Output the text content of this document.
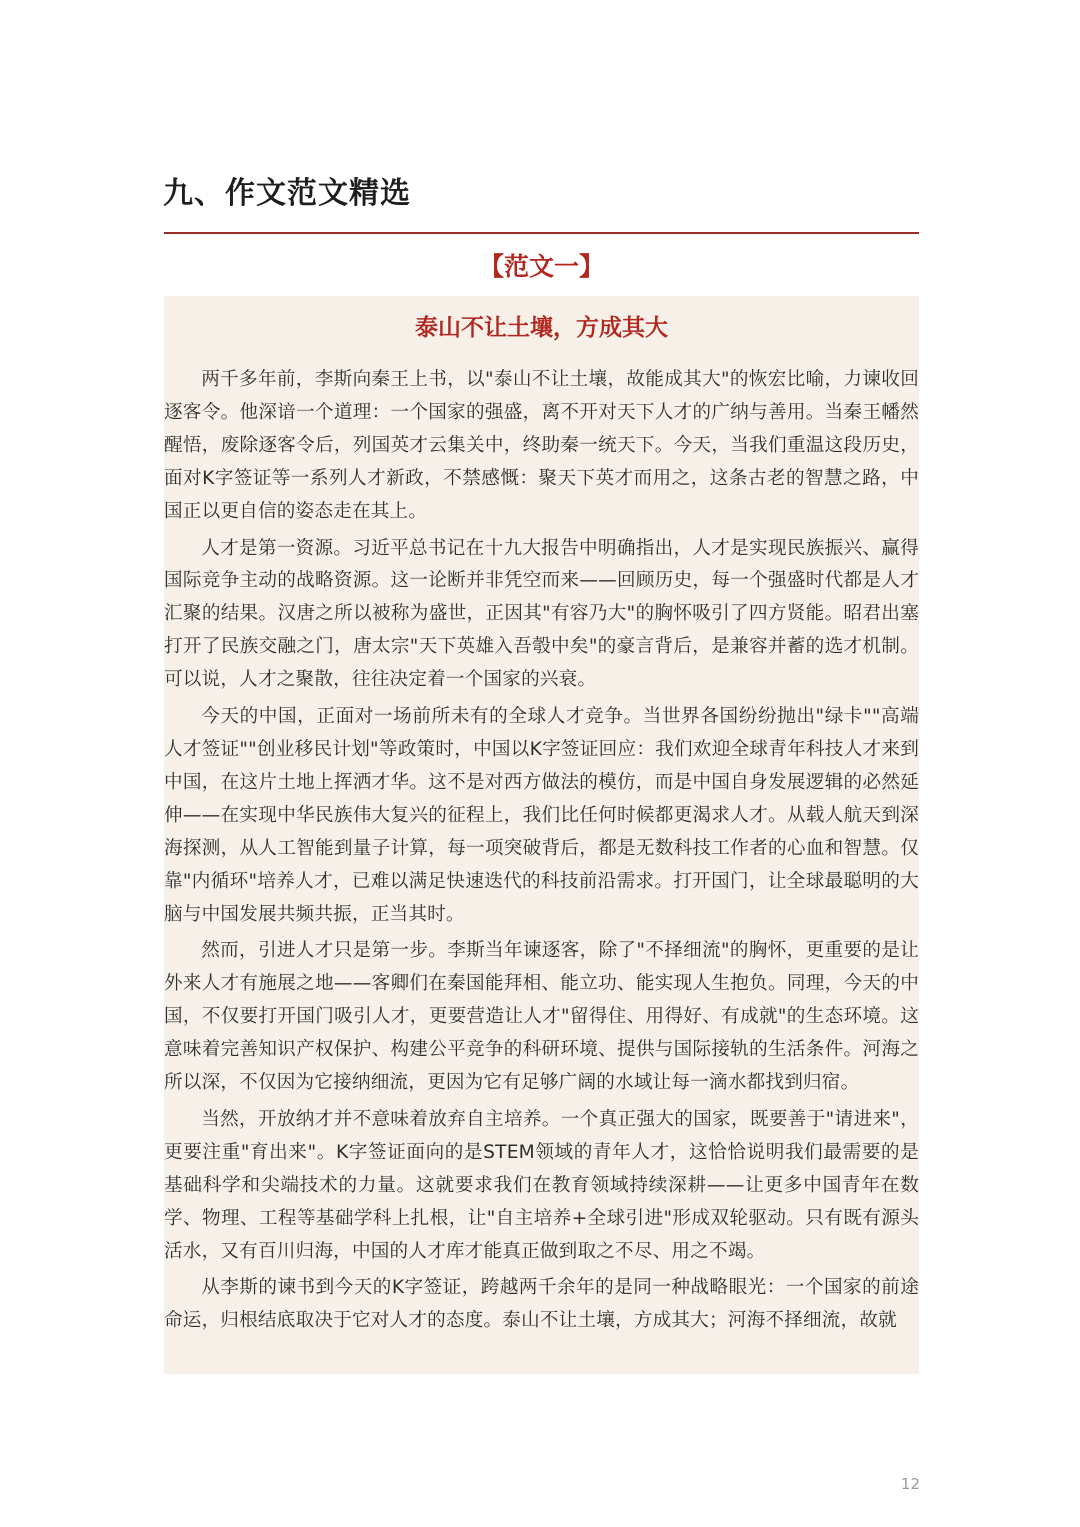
九、作文范文精选
【范文一】
泰山不让土壤，方成其大

两千多年前，李斯向秦王上书，以"泰山不让土壤，故能成其大"的恢宏比喻，力谏收回逐客令。他深谙一个道理：一个国家的强盛，离不开对天下人才的广纳与善用。当秦王幡然醒悟，废除逐客令后，列国英才云集关中，终助秦一统天下。今天，当我们重温这段历史，面对K字签证等一系列人才新政，不禁感慨：聚天下英才而用之，这条古老的智慧之路，中国正以更自信的姿态走在其上。

人才是第一资源。习近平总书记在十九大报告中明确指出，人才是实现民族振兴、赢得国际竞争主动的战略资源。这一论断并非凭空而来——回顾历史，每一个强盛时代都是人才汇聚的结果。汉唐之所以被称为盛世，正因其"有容乃大"的胸怀吸引了四方贤能。昭君出塞打开了民族交融之门，唐太宗"天下英雄入吾彀中矣"的豪言背后，是兼容并蓄的选才机制。可以说，人才之聚散，往往决定着一个国家的兴衰。

今天的中国，正面对一场前所未有的全球人才竞争。当世界各国纷纷抛出"绿卡""高端人才签证""创业移民计划"等政策时，中国以K字签证回应：我们欢迎全球青年科技人才来到中国，在这片土地上挥洒才华。这不是对西方做法的模仿，而是中国自身发展逻辑的必然延伸——在实现中华民族伟大复兴的征程上，我们比任何时候都更渴求人才。从载人航天到深海探测，从人工智能到量子计算，每一项突破背后，都是无数科技工作者的心血和智慧。仅靠"内循环"培养人才，已难以满足快速迭代的科技前沿需求。打开国门，让全球最聪明的大脑与中国发展共频共振，正当其时。

然而，引进人才只是第一步。李斯当年谏逐客，除了"不择细流"的胸怀，更重要的是让外来人才有施展之地——客卿们在秦国能拜相、能立功、能实现人生抱负。同理，今天的中国，不仅要打开国门吸引人才，更要营造让人才"留得住、用得好、有成就"的生态环境。这意味着完善知识产权保护、构建公平竞争的科研环境、提供与国际接轨的生活条件。河海之所以深，不仅因为它接纳细流，更因为它有足够广阔的水域让每一滴水都找到归宿。

当然，开放纳才并不意味着放弃自主培养。一个真正强大的国家，既要善于"请进来"，更要注重"育出来"。K字签证面向的是STEM领域的青年人才，这恰恰说明我们最需要的是基础科学和尖端技术的力量。这就要求我们在教育领域持续深耕——让更多中国青年在数学、物理、工程等基础学科上扎根，让"自主培养+全球引进"形成双轮驱动。只有既有源头活水，又有百川归海，中国的人才库才能真正做到取之不尽、用之不竭。

从李斯的谏书到今天的K字签证，跨越两千余年的是同一种战略眼光：一个国家的前途命运，归根结底取决于它对人才的态度。泰山不让土壤，方成其大；河海不择细流，故就

12
